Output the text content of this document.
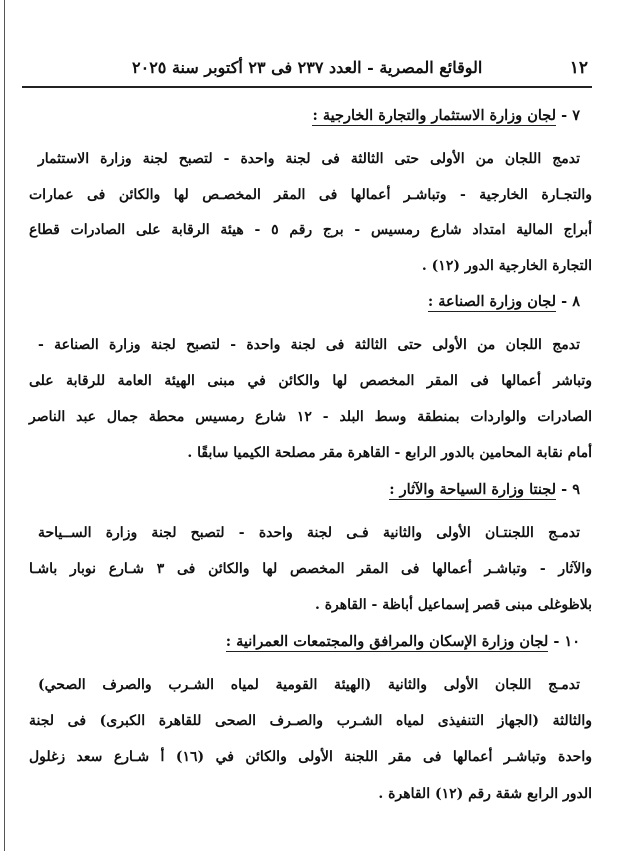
١٢
الوقائع المصرية - العدد ٢٣٧ فى ٢٣ أكتوبر سنة ٢٠٢٥
٧ - لجان وزارة الاستثمار والتجارة الخارجية :
تدمج اللجان من الأولى حتى الثالثة فى لجنة واحدة - لتصبح لجنة وزارة الاستثمار
والتجـارة الخارجية - وتباشـر أعمالها فى المقر المخصـص لها والكائن فى عمارات
أبراج المالية امتداد شارع رمسيس - برج رقم ٥ - هيئة الرقابة على الصادرات قطاع
التجارة الخارجية الدور (١٢) .
٨ - لجان وزارة الصناعة :
تدمج اللجان من الأولى حتى الثالثة فى لجنة واحدة - لتصبح لجنة وزارة الصناعة -
وتباشر أعمالها فى المقر المخصص لها والكائن في مبنى الهيئة العامة للرقابة على
الصادرات والواردات بمنطقة وسط البلد - ١٢ شارع رمسيس محطة جمال عبد الناصر
أمام نقابة المحامين بالدور الرابع - القاهرة مقر مصلحة الكيميا سابقًا .
٩ - لجنتا وزارة السياحة والآثار :
تدمـج اللجنتـان الأولى والثانية فـى لجنة واحدة - لتصبح لجنة وزارة الســياحة
والآثار - وتباشـر أعمالها فى المقر المخصص لها والكائن فى ٣ شـارع نوبار باشـا
بلاظوغلى مبنى قصر إسماعيل أباظة - القاهرة .
١٠ - لجان وزارة الإسكان والمرافق والمجتمعات العمرانية :
تدمـج اللجان الأولى والثانية (الهيئة القومية لمياه الشـرب والصرف الصحي)
والثالثة (الجهاز التنفيذى لمياه الشـرب والصـرف الصحى للقاهرة الكبرى) فى لجنة
واحدة وتباشـر أعمالها فى مقر اللجنة الأولى والكائن في (١٦) أ شـارع سعد زغلول
الدور الرابع شقة رقم (١٢) القاهرة .
